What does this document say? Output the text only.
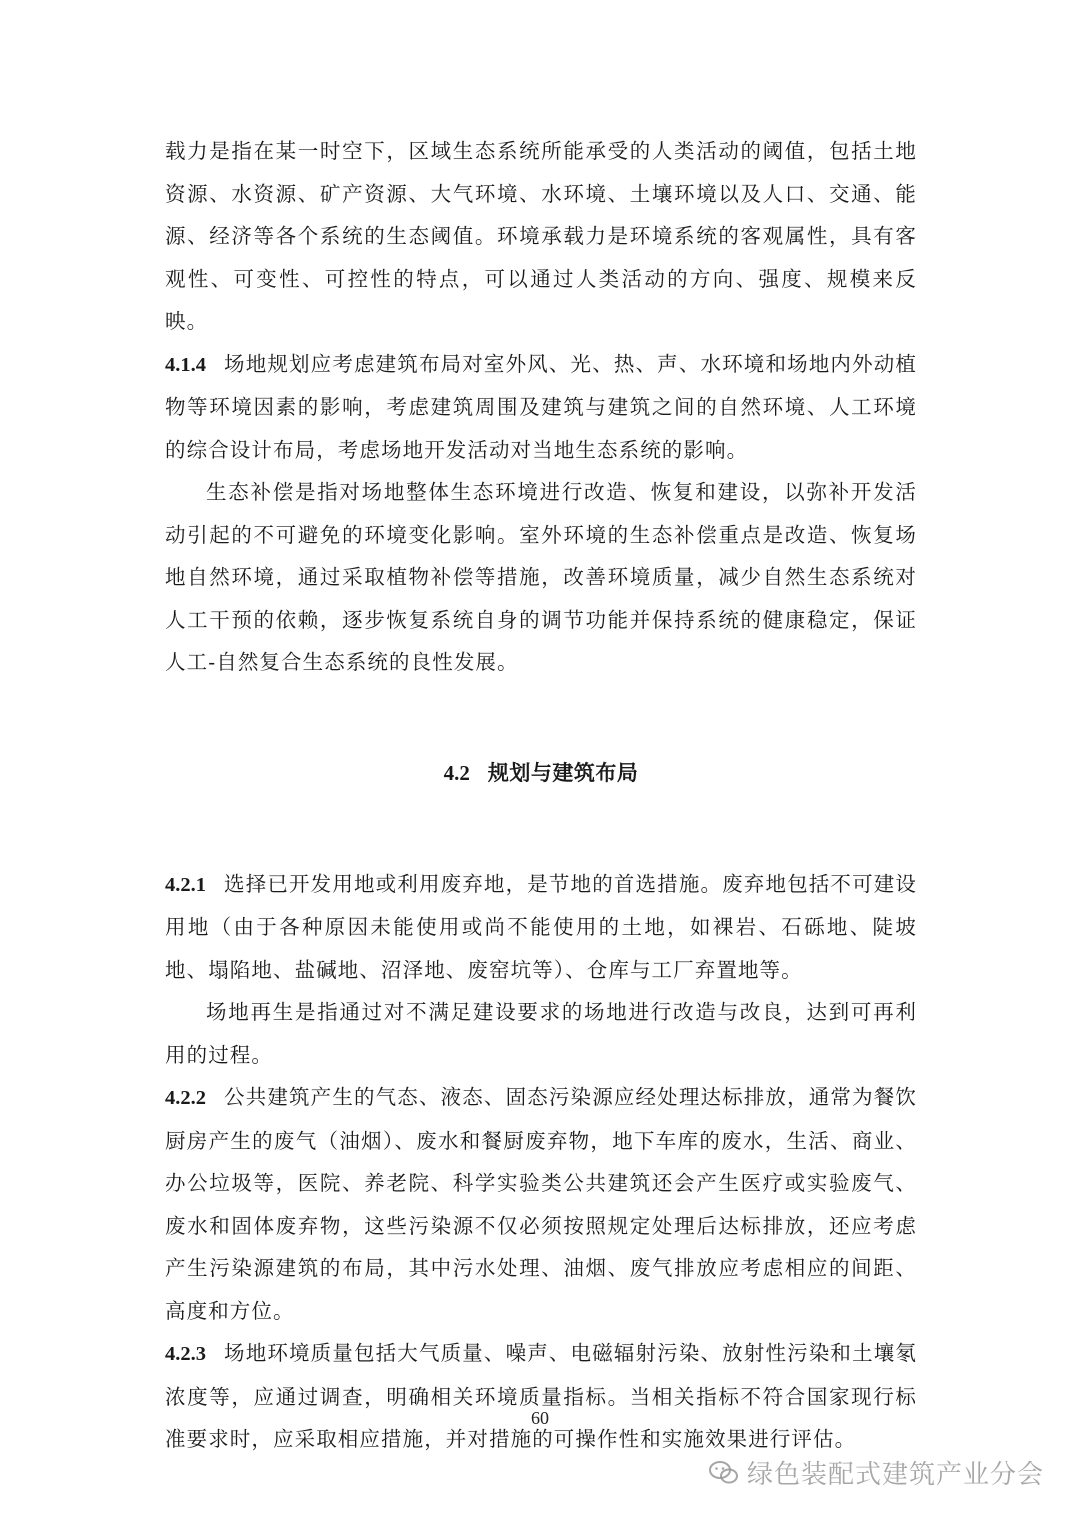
载力是指在某一时空下，区域生态系统所能承受的人类活动的阈值，包括土地资源、水资源、矿产资源、大气环境、水环境、土壤环境以及人口、交通、能源、经济等各个系统的生态阈值。环境承载力是环境系统的客观属性，具有客观性、可变性、可控性的特点，可以通过人类活动的方向、强度、规模来反映。

4.1.4 场地规划应考虑建筑布局对室外风、光、热、声、水环境和场地内外动植物等环境因素的影响，考虑建筑周围及建筑与建筑之间的自然环境、人工环境的综合设计布局，考虑场地开发活动对当地生态系统的影响。

生态补偿是指对场地整体生态环境进行改造、恢复和建设，以弥补开发活动引起的不可避免的环境变化影响。室外环境的生态补偿重点是改造、恢复场地自然环境，通过采取植物补偿等措施，改善环境质量，减少自然生态系统对人工干预的依赖，逐步恢复系统自身的调节功能并保持系统的健康稳定，保证人工-自然复合生态系统的良性发展。

4.2 规划与建筑布局

4.2.1 选择已开发用地或利用废弃地，是节地的首选措施。废弃地包括不可建设用地（由于各种原因未能使用或尚不能使用的土地，如裸岩、石砾地、陡坡地、塌陷地、盐碱地、沼泽地、废窑坑等）、仓库与工厂弃置地等。

场地再生是指通过对不满足建设要求的场地进行改造与改良，达到可再利用的过程。

4.2.2 公共建筑产生的气态、液态、固态污染源应经处理达标排放，通常为餐饮厨房产生的废气（油烟）、废水和餐厨废弃物，地下车库的废水，生活、商业、办公垃圾等，医院、养老院、科学实验类公共建筑还会产生医疗或实验废气、废水和固体废弃物，这些污染源不仅必须按照规定处理后达标排放，还应考虑产生污染源建筑的布局，其中污水处理、油烟、废气排放应考虑相应的间距、高度和方位。

4.2.3 场地环境质量包括大气质量、噪声、电磁辐射污染、放射性污染和土壤氡浓度等，应通过调查，明确相关环境质量指标。当相关指标不符合国家现行标准要求时，应采取相应措施，并对措施的可操作性和实施效果进行评估。

60
绿色装配式建筑产业分会
